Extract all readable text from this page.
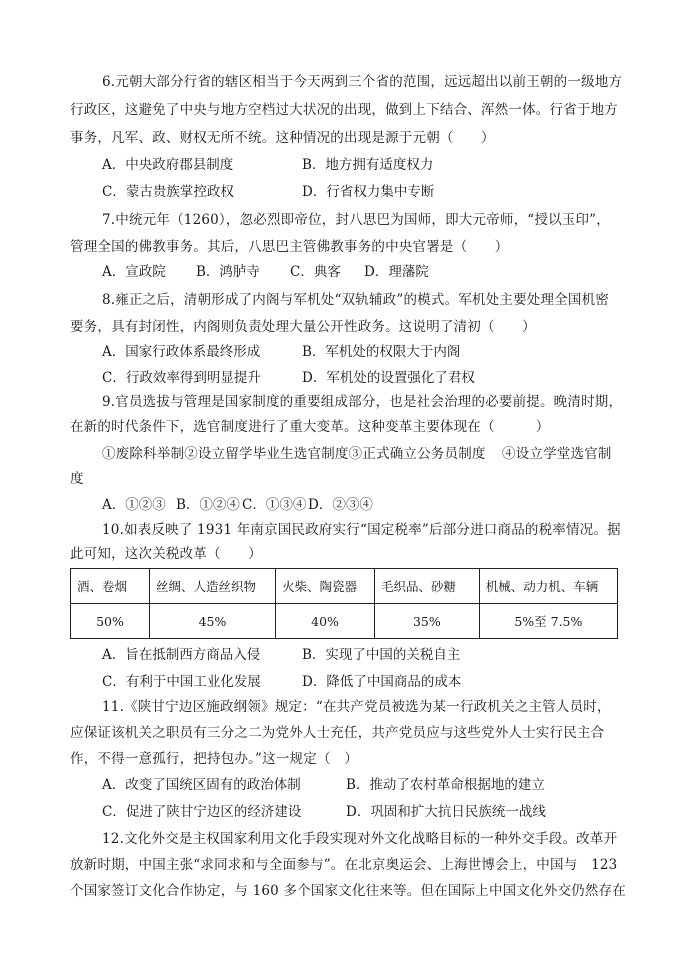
6.元朝大部分行省的辖区相当于今天两到三个省的范围，远远超出以前王朝的一级地方
行政区，这避免了中央与地方空档过大状况的出现，做到上下结合、浑然一体。行省于地方
事务，凡军、政、财权无所不统。这种情况的出现是源于元朝（　　）
A．中央政府郡县制度	B．地方拥有适度权力
C．蒙古贵族掌控政权	D．行省权力集中专断
7.中统元年（1260），忽必烈即帝位，封八思巴为国师，即大元帝师，“授以玉印”，
管理全国的佛教事务。其后，八思巴主管佛教事务的中央官署是（　　）
A．宣政院 B．鸿胪寺 C．典客 D．理藩院
8.雍正之后，清朝形成了内阁与军机处“双轨辅政”的模式。军机处主要处理全国机密
要务，具有封闭性，内阁则负责处理大量公开性政务。这说明了清初（　　）
A．国家行政体系最终形成	B．军机处的权限大于内阁
C．行政效率得到明显提升	D．军机处的设置强化了君权
9.官员选拔与管理是国家制度的重要组成部分，也是社会治理的必要前提。晚清时期，
在新的时代条件下，选官制度进行了重大变革。这种变革主要体现在（　　　）
①废除科举制②设立留学毕业生选官制度③正式确立公务员制度 ④设立学堂选官制
度
A．①②③ B．①②④ C．①③④ D．②③④
10.如表反映了 1931 年南京国民政府实行“国定税率”后部分进口商品的税率情况。据
此可知，这次关税改革（　　）
酒、卷烟	丝绸、人造丝织物	火柴、陶瓷器	毛织品、砂糖	机械、动力机、车辆
50%	45%	40%	35%	5%至 7.5%
A．旨在抵制西方商品入侵	B．实现了中国的关税自主
C．有利于中国工业化发展	D．降低了中国商品的成本
11.《陕甘宁边区施政纲领》规定：“在共产党员被选为某一行政机关之主管人员时，
应保证该机关之职员有三分之二为党外人士充任，共产党员应与这些党外人士实行民主合
作，不得一意孤行，把持包办。”这一规定（　）
A．改变了国统区固有的政治体制	B．推动了农村革命根据地的建立
C．促进了陕甘宁边区的经济建设	D．巩固和扩大抗日民族统一战线
12.文化外交是主权国家利用文化手段实现对外文化战略目标的一种外交手段。改革开
放新时期，中国主张“求同求和与全面参与”。在北京奥运会、上海世博会上，中国与　123
个国家签订文化合作协定，与 160 多个国家文化往来等。但在国际上中国文化外交仍然存在
